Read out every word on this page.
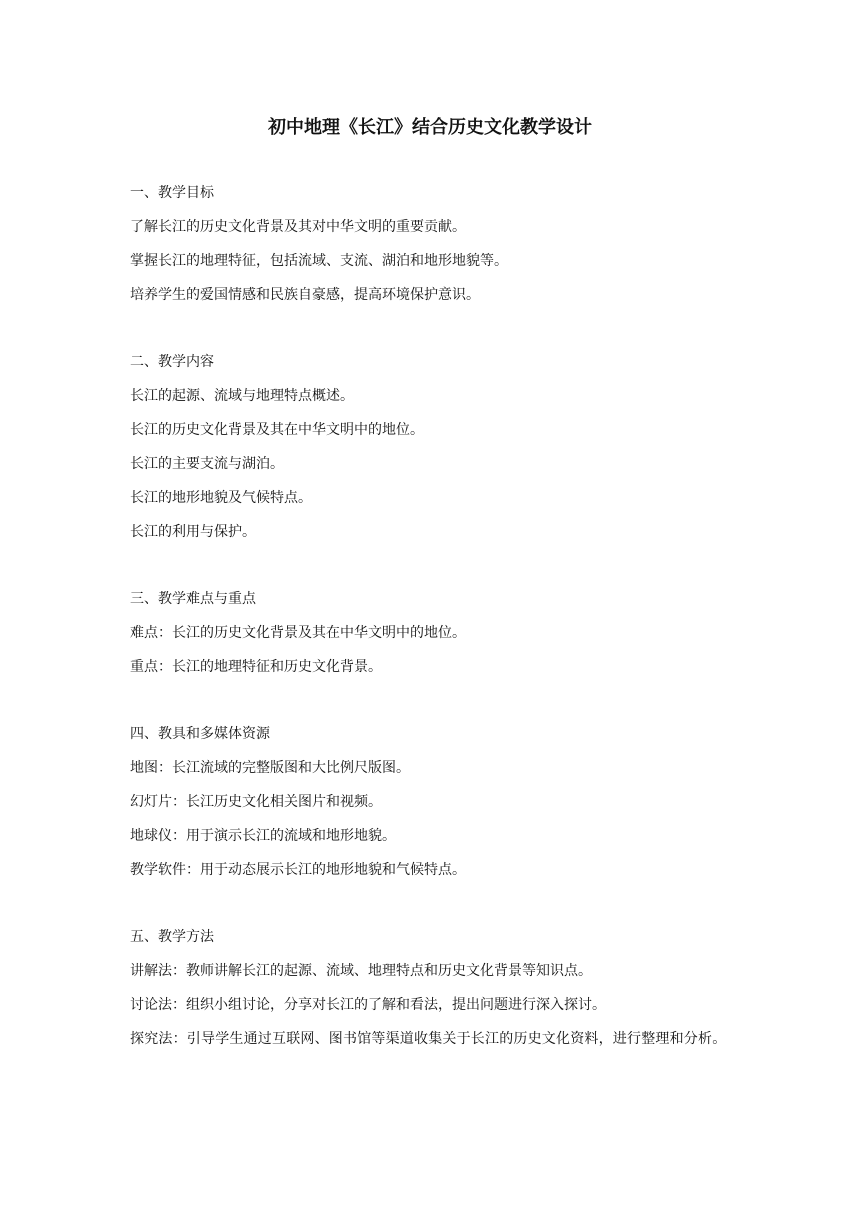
初中地理《长江》结合历史文化教学设计

一、教学目标

了解长江的历史文化背景及其对中华文明的重要贡献。

掌握长江的地理特征，包括流域、支流、湖泊和地形地貌等。

培养学生的爱国情感和民族自豪感，提高环境保护意识。

二、教学内容

长江的起源、流域与地理特点概述。

长江的历史文化背景及其在中华文明中的地位。

长江的主要支流与湖泊。

长江的地形地貌及气候特点。

长江的利用与保护。

三、教学难点与重点

难点：长江的历史文化背景及其在中华文明中的地位。

重点：长江的地理特征和历史文化背景。

四、教具和多媒体资源

地图：长江流域的完整版图和大比例尺版图。

幻灯片：长江历史文化相关图片和视频。

地球仪：用于演示长江的流域和地形地貌。

教学软件：用于动态展示长江的地形地貌和气候特点。

五、教学方法

讲解法：教师讲解长江的起源、流域、地理特点和历史文化背景等知识点。

讨论法：组织小组讨论，分享对长江的了解和看法，提出问题进行深入探讨。

探究法：引导学生通过互联网、图书馆等渠道收集关于长江的历史文化资料，进行整理和分析。
